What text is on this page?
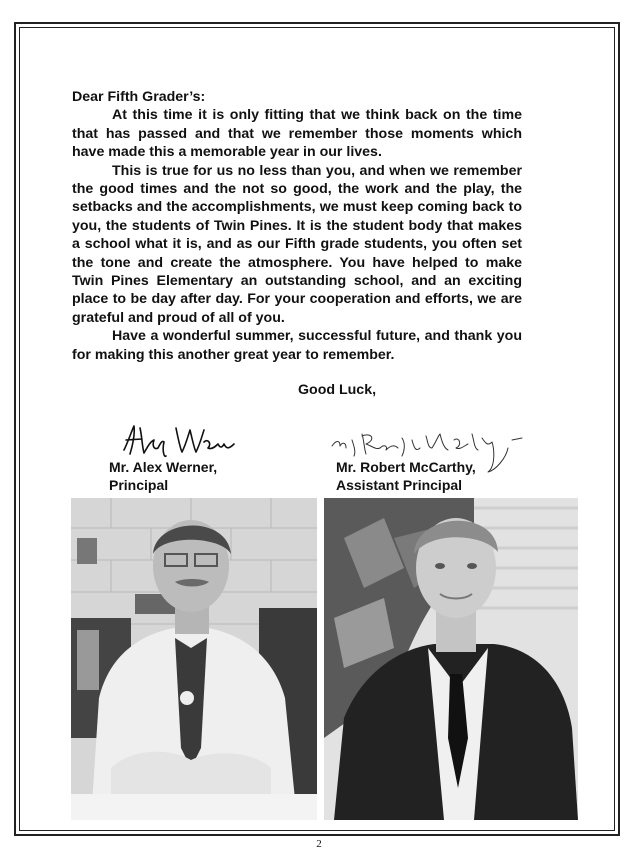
Dear Fifth Grader’s:

At this time it is only fitting that we think back on the time that has passed and that we remember those moments which have made this a memorable year in our lives.

This is true for us no less than you, and when we remember the good times and the not so good, the work and the play, the setbacks and the accomplishments, we must keep coming back to you, the students of Twin Pines. It is the student body that makes a school what it is, and as our Fifth grade students, you often set the tone and create the atmosphere. You have helped to make Twin Pines Elementary an outstanding school, and an exciting place to be day after day. For your cooperation and efforts, we are grateful and proud of all of you.

Have a wonderful summer, successful future, and thank you for making this another great year to remember.

Good Luck,
Mr. Alex Werner,
Principal
Mr. Robert McCarthy,
Assistant Principal
2
